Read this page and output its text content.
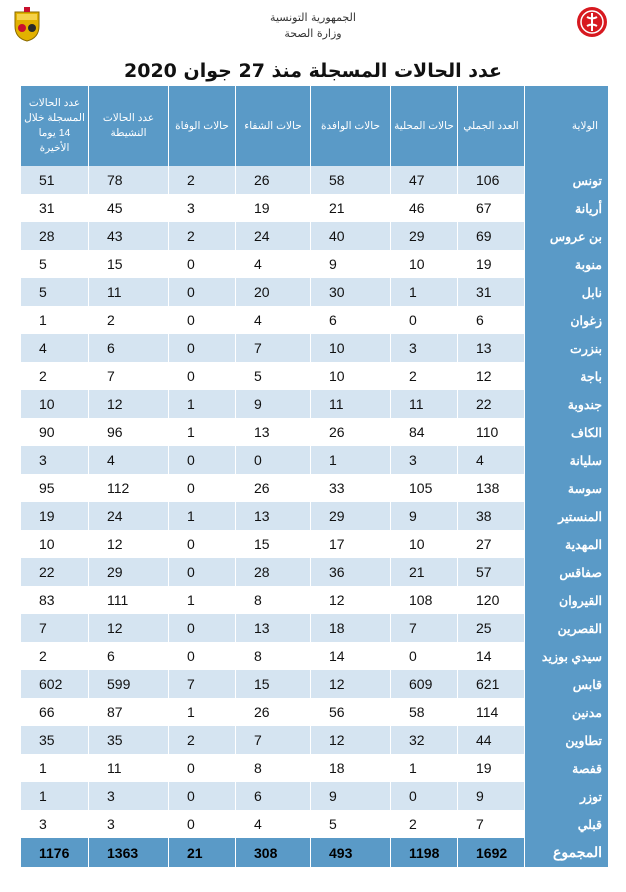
الجمهورية التونسية
وزارة الصحة
عدد الحالات المسجلة منذ 27 جوان 2020
الولاية	العدد الجملي	حالات المحلية	حالات الوافدة	حالات الشفاء	حالات الوفاة	عدد الحالات النشيطة	عدد الحالات المسجلة خلال 14 يوما الأخيرة
تونس	106	47	58	26	2	78	51
أريانة	67	46	21	19	3	45	31
بن عروس	69	29	40	24	2	43	28
منوبة	19	10	9	4	0	15	5
نابل	31	1	30	20	0	11	5
زغوان	6	0	6	4	0	2	1
بنزرت	13	3	10	7	0	6	4
باجة	12	2	10	5	0	7	2
جندوبة	22	11	11	9	1	12	10
الكاف	110	84	26	13	1	96	90
سليانة	4	3	1	0	0	4	3
سوسة	138	105	33	26	0	112	95
المنستير	38	9	29	13	1	24	19
المهدية	27	10	17	15	0	12	10
صفاقس	57	21	36	28	0	29	22
القيروان	120	108	12	8	1	111	83
القصرين	25	7	18	13	0	12	7
سيدي بوزيد	14	0	14	8	0	6	2
قابس	621	609	12	15	7	599	602
مدنين	114	58	56	26	1	87	66
تطاوين	44	32	12	7	2	35	35
قفصة	19	1	18	8	0	11	1
توزر	9	0	9	6	0	3	1
قبلي	7	2	5	4	0	3	3
المجموع	1692	1198	493	308	21	1363	1176
